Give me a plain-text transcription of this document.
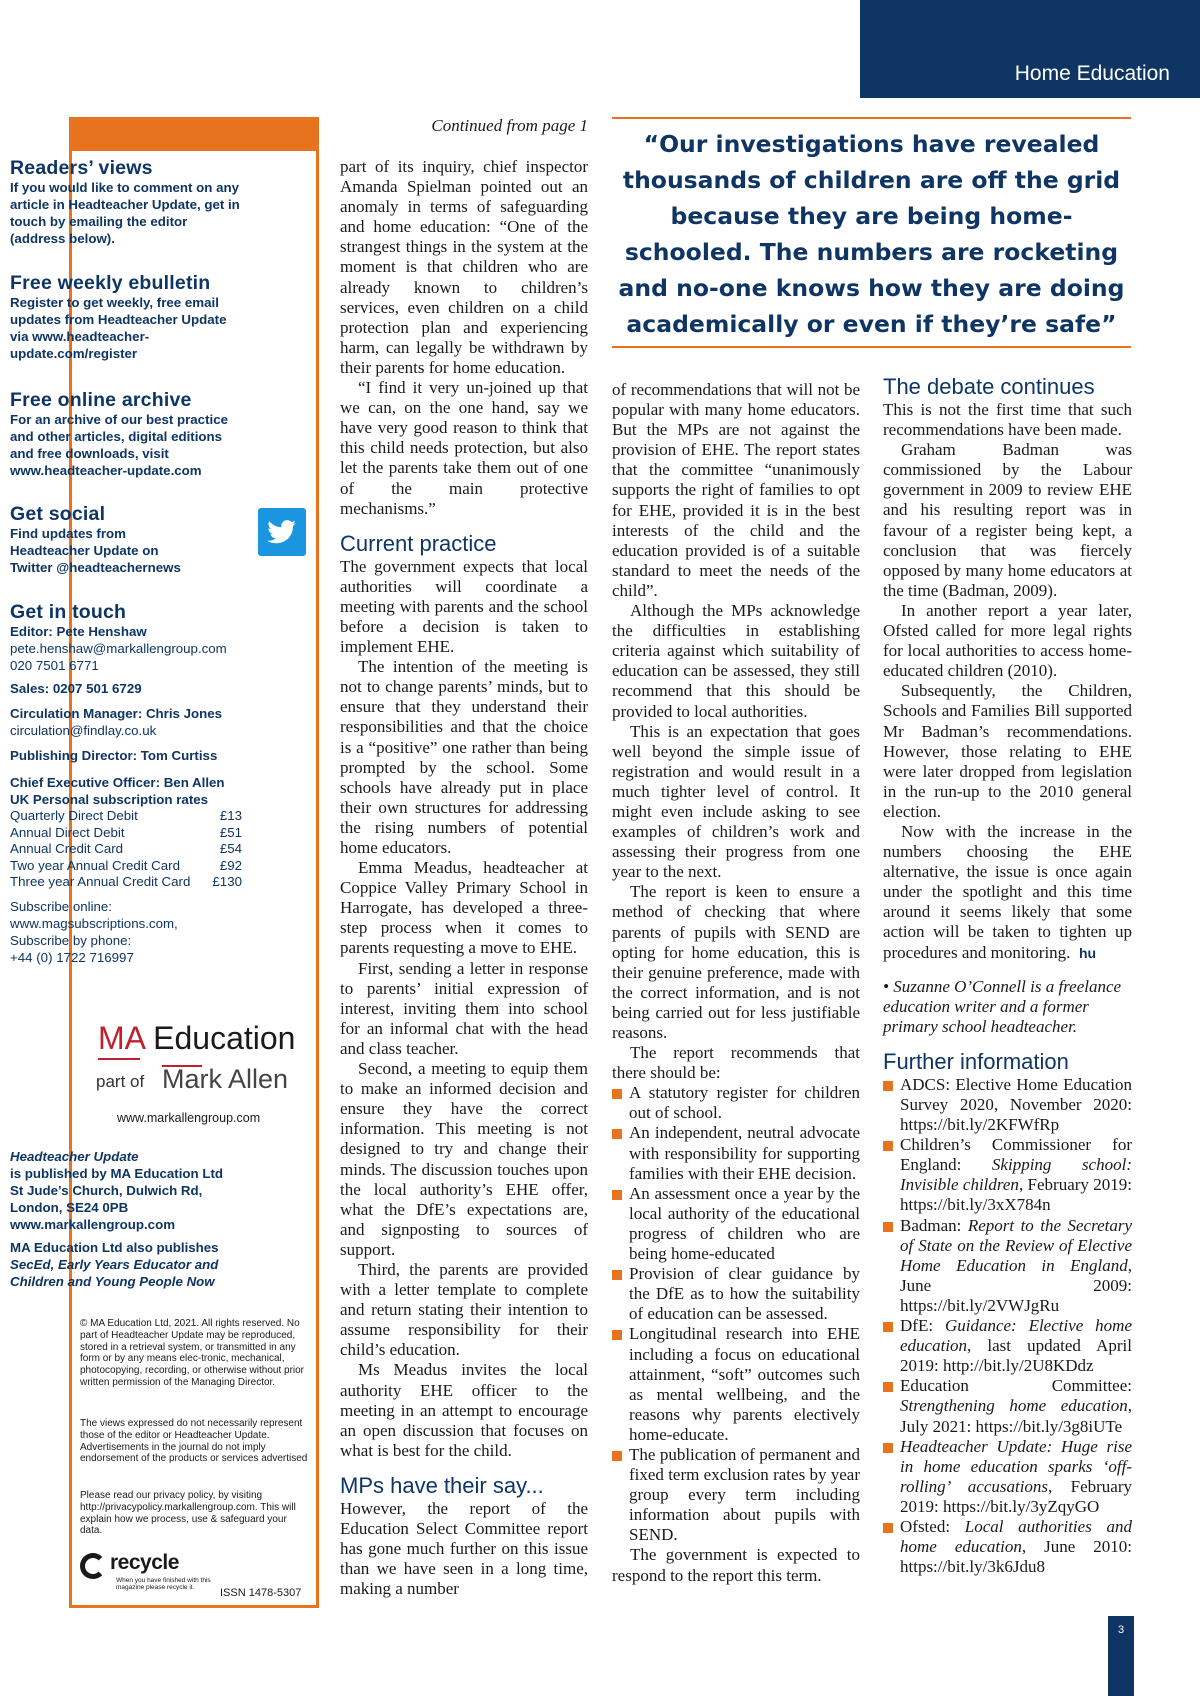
Home Education
Continued from page 1
Readers’ views

If you would like to comment on any article in Headteacher Update, get in touch by emailing the editor (address below).

Free weekly ebulletin

Register to get weekly, free email updates from Headteacher Update via www.headteacher-update.com/register

Free online archive

For an archive of our best practice and other articles, digital editions and free downloads, visit www.headteacher-update.com

Get social

Find updates from Headteacher Update on Twitter @headteachernews

Get in touch

Editor: Pete Henshaw

pete.henshaw@markallengroup.com

020 7501 6771

Sales: 0207 501 6729

Circulation Manager: Chris Jones

circulation@findlay.co.uk

Publishing Director: Tom Curtiss

Chief Executive Officer: Ben Allen

UK Personal subscription rates

Quarterly Direct Debit	£13
Annual Direct Debit	£51
Annual Credit Card	£54
Two year Annual Credit Card	£92
Three year Annual Credit Card £130

Subscribe online:

www.magsubscriptions.com,

Subscribe by phone:

+44 (0) 1722 716997

MA Education
part of Mark Allen
www.markallengroup.com

Headteacher Update

is published by MA Education Ltd

St Jude’s Church, Dulwich Rd,

London, SE24 0PB

www.markallengroup.com

MA Education Ltd also publishes

SecEd, Early Years Educator and Children and Young People Now

© MA Education Ltd, 2021. All rights reserved. No part of Headteacher Update may be reproduced, stored in a retrieval system, or transmitted in any form or by any means elec-tronic, mechanical, photocopying, recording, or otherwise without prior written permission of the Managing Director.
The views expressed do not necessarily represent those of the editor or Headteacher Update. Advertisements in the journal do not imply endorsement of the products or services advertised
Please read our privacy policy, by visiting http://privacypolicy.markallengroup.com. This will explain how we process, use & safeguard your data.
recycle
When you have finished with this magazine please recycle it.	ISSN 1478-5307
“Our investigations have revealed thousands of children are off the grid because they are being home-schooled. The numbers are rocketing and no-one knows how they are doing academically or even if they’re safe”

part of its inquiry, chief inspector Amanda Spielman pointed out an anomaly in terms of safeguarding and home education: “One of the strangest things in the system at the moment is that children who are already known to children’s services, even children on a child protection plan and experiencing harm, can legally be withdrawn by their parents for home education.

“I find it very un-joined up that we can, on the one hand, say we have very good reason to think that this child needs protection, but also let the parents take them out of one of the main protective mechanisms.”

Current practice

The government expects that local authorities will coordinate a meeting with parents and the school before a decision is taken to implement EHE.

The intention of the meeting is not to change parents’ minds, but to ensure that they understand their responsibilities and that the choice is a “positive” one rather than being prompted by the school. Some schools have already put in place their own structures for addressing the rising numbers of potential home educators.

Emma Meadus, headteacher at Coppice Valley Primary School in Harrogate, has developed a three-step process when it comes to parents requesting a move to EHE.

First, sending a letter in response to parents’ initial expression of interest, inviting them into school for an informal chat with the head and class teacher.

Second, a meeting to equip them to make an informed decision and ensure they have the correct information. This meeting is not designed to try and change their minds. The discussion touches upon the local authority’s EHE offer, what the DfE’s expectations are, and signposting to sources of support.

Third, the parents are provided with a letter template to complete and return stating their intention to assume responsibility for their child’s education.

Ms Meadus invites the local authority EHE officer to the meeting in an attempt to encourage an open discussion that focuses on what is best for the child.

MPs have their say...

However, the report of the Education Select Committee report has gone much further on this issue than we have seen in a long time, making a number

of recommendations that will not be popular with many home educators. But the MPs are not against the provision of EHE. The report states that the committee “unanimously supports the right of families to opt for EHE, provided it is in the best interests of the child and the education provided is of a suitable standard to meet the needs of the child”.

Although the MPs acknowledge the difficulties in establishing criteria against which suitability of education can be assessed, they still recommend that this should be provided to local authorities.

This is an expectation that goes well beyond the simple issue of registration and would result in a much tighter level of control. It might even include asking to see examples of children’s work and assessing their progress from one year to the next.

The report is keen to ensure a method of checking that where parents of pupils with SEND are opting for home education, this is their genuine preference, made with the correct information, and is not being carried out for less justifiable reasons.

The report recommends that there should be:

A statutory register for children out of school.
An independent, neutral advocate with responsibility for supporting families with their EHE decision.
An assessment once a year by the local authority of the educational progress of children who are being home-educated
Provision of clear guidance by the DfE as to how the suitability of education can be assessed.
Longitudinal research into EHE including a focus on educational attainment, “soft” outcomes such as mental wellbeing, and the reasons why parents electively home-educate.
The publication of permanent and fixed term exclusion rates by year group every term including information about pupils with SEND.

The government is expected to respond to the report this term.

The debate continues

This is not the first time that such recommendations have been made.

Graham Badman was commissioned by the Labour government in 2009 to review EHE and his resulting report was in favour of a register being kept, a conclusion that was fiercely opposed by many home educators at the time (Badman, 2009).

In another report a year later, Ofsted called for more legal rights for local authorities to access home-educated children (2010).

Subsequently, the Children, Schools and Families Bill supported Mr Badman’s recommendations. However, those relating to EHE were later dropped from legislation in the run-up to the 2010 general election.

Now with the increase in the numbers choosing the EHE alternative, the issue is once again under the spotlight and this time around it seems likely that some action will be taken to tighten up procedures and monitoring. hu

• Suzanne O’Connell is a freelance education writer and a former primary school headteacher.

Further information
ADCS: Elective Home Education Survey 2020, November 2020: https://bit.ly/2KFWfRp
Children’s Commissioner for England: Skipping school: Invisible children, February 2019: https://bit.ly/3xX784n
Badman: Report to the Secretary of State on the Review of Elective Home Education in England, June 2009: https://bit.ly/2VWJgRu
DfE: Guidance: Elective home education, last updated April 2019: http://bit.ly/2U8KDdz
Education Committee: Strengthening home education, July 2021: https://bit.ly/3g8iUTe
Headteacher Update: Huge rise in home education sparks ‘off-rolling’ accusations, February 2019: https://bit.ly/3yZqyGO
Ofsted: Local authorities and home education, June 2010: https://bit.ly/3k6Jdu8
3
